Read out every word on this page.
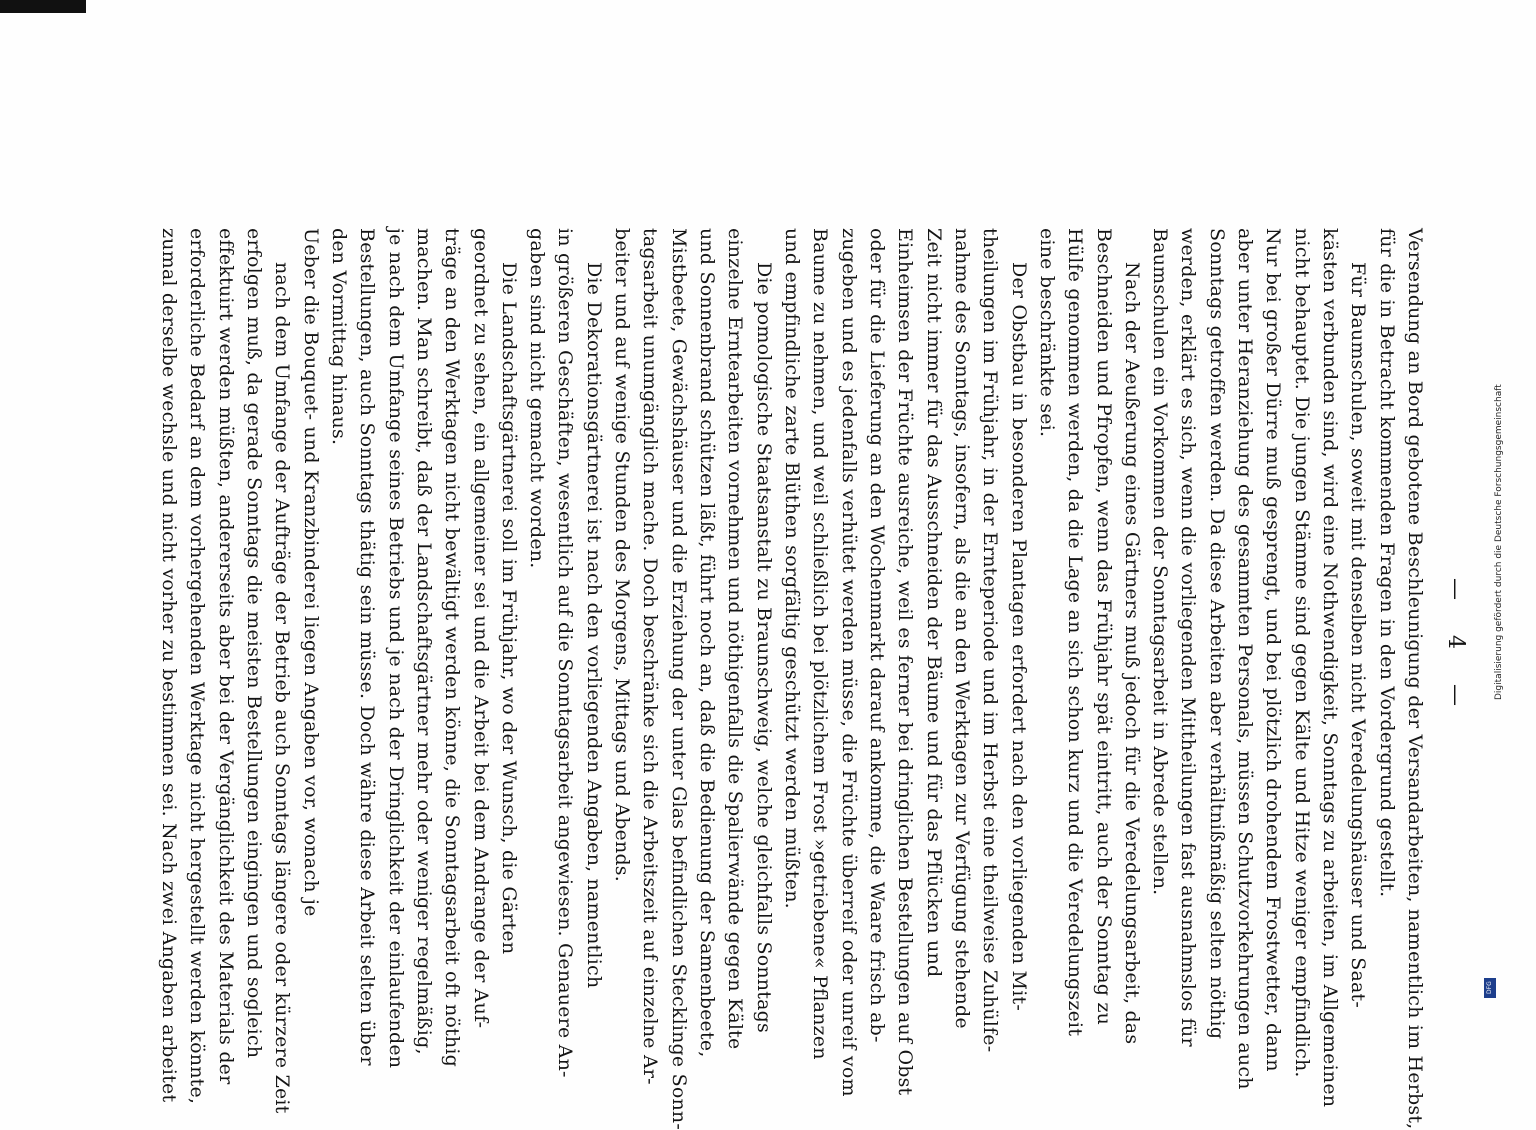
Versendung an Bord gebotene Beschleunigung der Versandarbeiten, namentlich im Herbst,
für die in Betracht kommenden Fragen in den Vordergrund gestellt.
Für Baumschulen, soweit mit denselben nicht Veredelungshäuser und Saat-
kästen verbunden sind, wird eine Nothwendigkeit, Sonntags zu arbeiten, im Allgemeinen
nicht behauptet. Die jungen Stämme sind gegen Kälte und Hitze weniger empfindlich.
Nur bei großer Dürre muß gesprengt, und bei plötzlich drohendem Frostwetter, dann
aber unter Heranziehung des gesammten Personals, müssen Schutzvorkehrungen auch
Sonntags getroffen werden. Da diese Arbeiten aber verhältnißmäßig selten nöthig
werden, erklärt es sich, wenn die vorliegenden Mittheilungen fast ausnahmslos für
Baumschulen ein Vorkommen der Sonntagsarbeit in Abrede stellen.
Nach der Aeußerung eines Gärtners muß jedoch für die Veredelungsarbeit, das
Beschneiden und Pfropfen, wenn das Frühjahr spät eintritt, auch der Sonntag zu
Hülfe genommen werden, da die Lage an sich schon kurz und die Veredelungszeit
eine beschränkte sei.
Der Obstbau in besonderen Plantagen erfordert nach den vorliegenden Mit-
theilungen im Frühjahr, in der Ernteperiode und im Herbst eine theilweise Zuhülfe-
nahme des Sonntags, insofern, als die an den Werktagen zur Verfügung stehende
Zeit nicht immer für das Ausschneiden der Bäume und für das Pflücken und
Einheimsen der Früchte ausreiche, weil es ferner bei dringlichen Bestellungen auf Obst
oder für die Lieferung an den Wochenmarkt darauf ankomme, die Waare frisch ab-
zugeben und es jedenfalls verhütet werden müsse, die Früchte überreif oder unreif vom
Baume zu nehmen, und weil schließlich bei plötzlichem Frost »getriebene« Pflanzen
und empfindliche zarte Blüthen sorgfältig geschützt werden müßten.
Die pomologische Staatsanstalt zu Braunschweig, welche gleichfalls Sonntags
einzelne Erntearbeiten vornehmen und nöthigenfalls die Spalierwände gegen Kälte
und Sonnenbrand schützen läßt, führt noch an, daß die Bedienung der Samenbeete,
Mistbeete, Gewächshäuser und die Erziehung der unter Glas befindlichen Stecklinge Sonn-
tagsarbeit unumgänglich mache. Doch beschränke sich die Arbeitszeit auf einzelne Ar-
beiter und auf wenige Stunden des Morgens, Mittags und Abends.
Die Dekorationsgärtnerei ist nach den vorliegenden Angaben, namentlich
in größeren Geschäften, wesentlich auf die Sonntagsarbeit angewiesen. Genauere An-
gaben sind nicht gemacht worden.
Die Landschaftsgärtnerei soll im Frühjahr, wo der Wunsch, die Gärten
geordnet zu sehen, ein allgemeiner sei und die Arbeit bei dem Andrange der Auf-
träge an den Werktagen nicht bewältigt werden könne, die Sonntagsarbeit oft nöthig
machen. Man schreibt, daß der Landschaftsgärtner mehr oder weniger regelmäßig,
je nach dem Umfange seines Betriebs und je nach der Dringlichkeit der einlaufenden
Bestellungen, auch Sonntags thätig sein müsse. Doch währe diese Arbeit selten über
den Vormittag hinaus.
Ueber die Bouquet- und Kranzbinderei liegen Angaben vor, wonach je
nach dem Umfange der Aufträge der Betrieb auch Sonntags längere oder kürzere Zeit
erfolgen muß, da gerade Sonntags die meisten Bestellungen eingingen und sogleich
effektuirt werden müßten, andererseits aber bei der Vergänglichkeit des Materials der
erforderliche Bedarf an dem vorhergehenden Werktage nicht hergestellt werden könnte,
zumal derselbe wechsle und nicht vorher zu bestimmen sei. Nach zwei Angaben arbeitet	— 4 —	Digitalisierung gefördert durch die Deutsche Forschungsgemeinschaft
DFG
